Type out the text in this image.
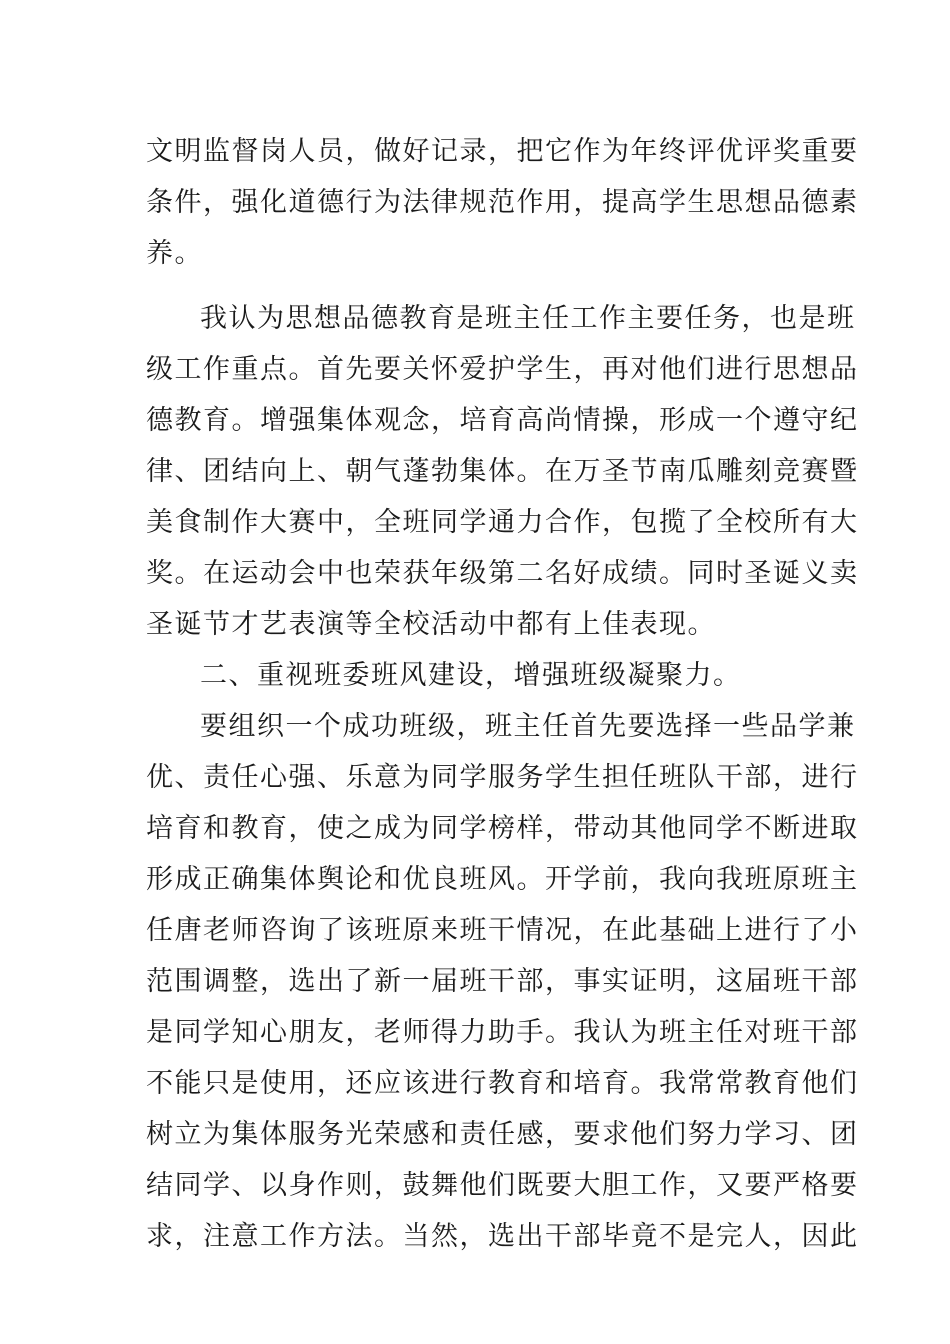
文明监督岗人员，做好记录，把它作为年终评优评奖重要
条件，强化道德行为法律规范作用，提高学生思想品德素
养。
我认为思想品德教育是班主任工作主要任务，也是班
级工作重点。首先要关怀爱护学生，再对他们进行思想品
德教育。增强集体观念，培育高尚情操，形成一个遵守纪
律、团结向上、朝气蓬勃集体。在万圣节南瓜雕刻竞赛暨
美食制作大赛中，全班同学通力合作，包揽了全校所有大
奖。在运动会中也荣获年级第二名好成绩。同时圣诞义卖
圣诞节才艺表演等全校活动中都有上佳表现。
二、重视班委班风建设，增强班级凝聚力。
要组织一个成功班级，班主任首先要选择一些品学兼
优、责任心强、乐意为同学服务学生担任班队干部，进行
培育和教育，使之成为同学榜样，带动其他同学不断进取
形成正确集体舆论和优良班风。开学前，我向我班原班主
任唐老师咨询了该班原来班干情况，在此基础上进行了小
范围调整，选出了新一届班干部，事实证明，这届班干部
是同学知心朋友，老师得力助手。我认为班主任对班干部
不能只是使用，还应该进行教育和培育。我常常教育他们
树立为集体服务光荣感和责任感，要求他们努力学习、团
结同学、以身作则，鼓舞他们既要大胆工作，又要严格要
求，注意工作方法。当然，选出干部毕竟不是完人，因此
